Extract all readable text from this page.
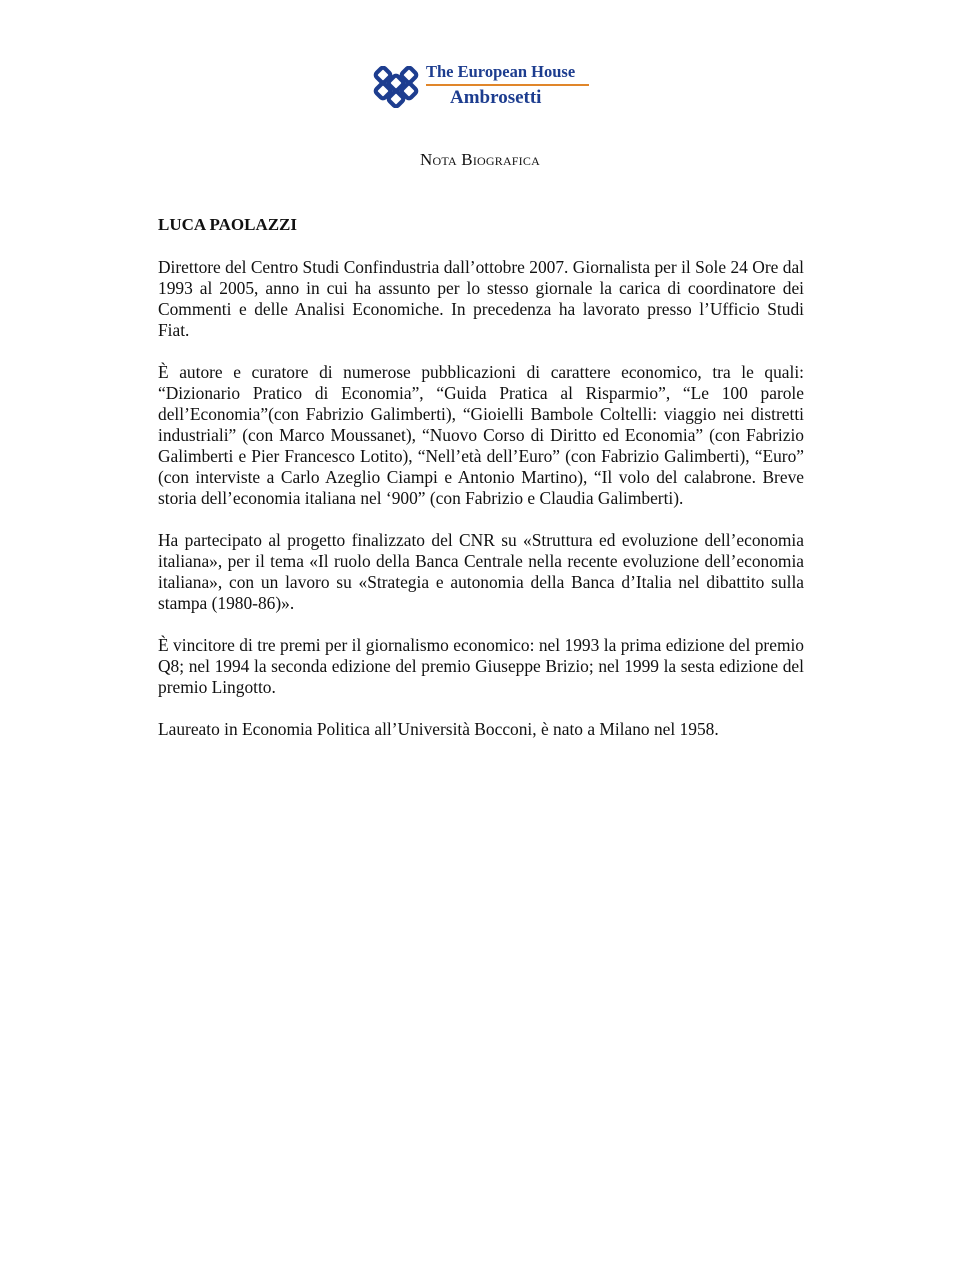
The European House
Ambrosetti
Nota Biografica
LUCA PAOLAZZI

Direttore del Centro Studi Confindustria dall’ottobre 2007. Giornalista per il Sole 24 Ore dal 1993 al 2005, anno in cui ha assunto per lo stesso giornale la carica di coordinatore dei Commenti e delle Analisi Economiche. In precedenza ha lavorato presso l’Ufficio Studi Fiat.

È autore e curatore di numerose pubblicazioni di carattere economico, tra le quali: “Dizionario Pratico di Economia”, “Guida Pratica al Risparmio”, “Le 100 parole dell’Economia”(con Fabrizio Galimberti), “Gioielli Bambole Coltelli: viaggio nei distretti industriali” (con Marco Moussanet), “Nuovo Corso di Diritto ed Economia” (con Fabrizio Galimberti e Pier Francesco Lotito), “Nell’età dell’Euro” (con Fabrizio Galimberti), “Euro” (con interviste a Carlo Azeglio Ciampi e Antonio Martino), “Il volo del calabrone. Breve storia dell’economia italiana nel ‘900” (con Fabrizio e Claudia Galimberti).

Ha partecipato al progetto finalizzato del CNR su «Struttura ed evoluzione dell’economia italiana», per il tema «Il ruolo della Banca Centrale nella recente evoluzione dell’economia italiana», con un lavoro su «Strategia e autonomia della Banca d’Italia nel dibattito sulla stampa (1980-86)».

È vincitore di tre premi per il giornalismo economico: nel 1993 la prima edizione del premio Q8; nel 1994 la seconda edizione del premio Giuseppe Brizio; nel 1999 la sesta edizione del premio Lingotto.

Laureato in Economia Politica all’Università Bocconi, è nato a Milano nel 1958.
